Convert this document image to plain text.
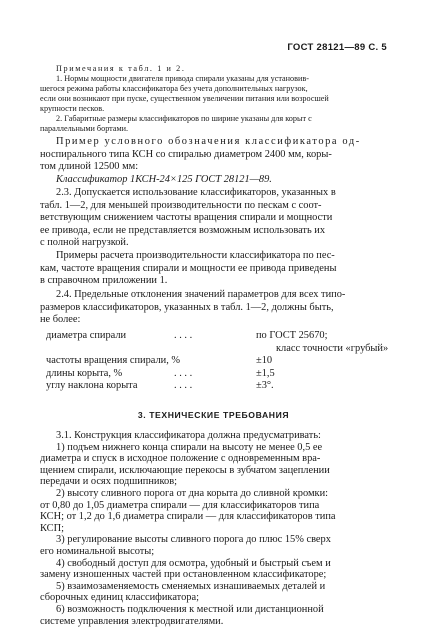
ГОСТ 28121—89 С. 5

Примечания к табл. 1 и 2.

1. Нормы мощности двигателя привода спирали указаны для установив-

шегося режима работы классификатора без учета дополнительных нагрузок,

если они возникают при пуске, существенном увеличении питания или возросшей

крупности песков.

2. Габаритные размеры классификаторов по ширине указаны для корыт с

параллельными бортами.

Пример условного обозначения классификатора од-

носпирального типа КСН со спиралью диаметром 2400 мм, коры-

том длиной 12500 мм:

Классификатор 1КСН-24×125 ГОСТ 28121—89.

2.3. Допускается использование классификаторов, указанных в

табл. 1—2, для меньшей производительности по пескам с соот-

ветствующим снижением частоты вращения спирали и мощности

ее привода, если не представляется возможным использовать их

с полной нагрузкой.

Примеры расчета производительности классификатора по пес-

кам, частоте вращения спирали и мощности ее привода приведены

в справочном приложении 1.

2.4. Предельные отклонения значений параметров для всех типо-

размеров классификаторов, указанных в табл. 1—2, должны быть,

не более:

диаметра спирали	. . . .	по ГОСТ 25670;
класс точности «грубый»
частоты вращения спирали, %	±10
длины корыта, %	. . . .	±1,5
углу наклона корыта	. . . .	±3°.
3. ТЕХНИЧЕСКИЕ ТРЕБОВАНИЯ

3.1. Конструкция классификатора должна предусматривать:

1) подъем нижнего конца спирали на высоту не менее 0,5 ее

диаметра и спуск в исходное положение с одновременным вра-

щением спирали, исключающие перекосы в зубчатом зацеплении

передачи и осях подшипников;

2) высоту сливного порога от дна корыта до сливной кромки:

от 0,80 до 1,05 диаметра спирали — для классификаторов типа

КСН; от 1,2 до 1,6 диаметра спирали — для классификаторов типа

КСП;

3) регулирование высоты сливного порога до плюс 15% сверх

его номинальной высоты;

4) свободный доступ для осмотра, удобный и быстрый съем и

замену изношенных частей при остановленном классификаторе;

5) взаимозаменяемость сменяемых изнашиваемых деталей и

сборочных единиц классификатора;

6) возможность подключения к местной или дистанционной

системе управления электродвигателями.
